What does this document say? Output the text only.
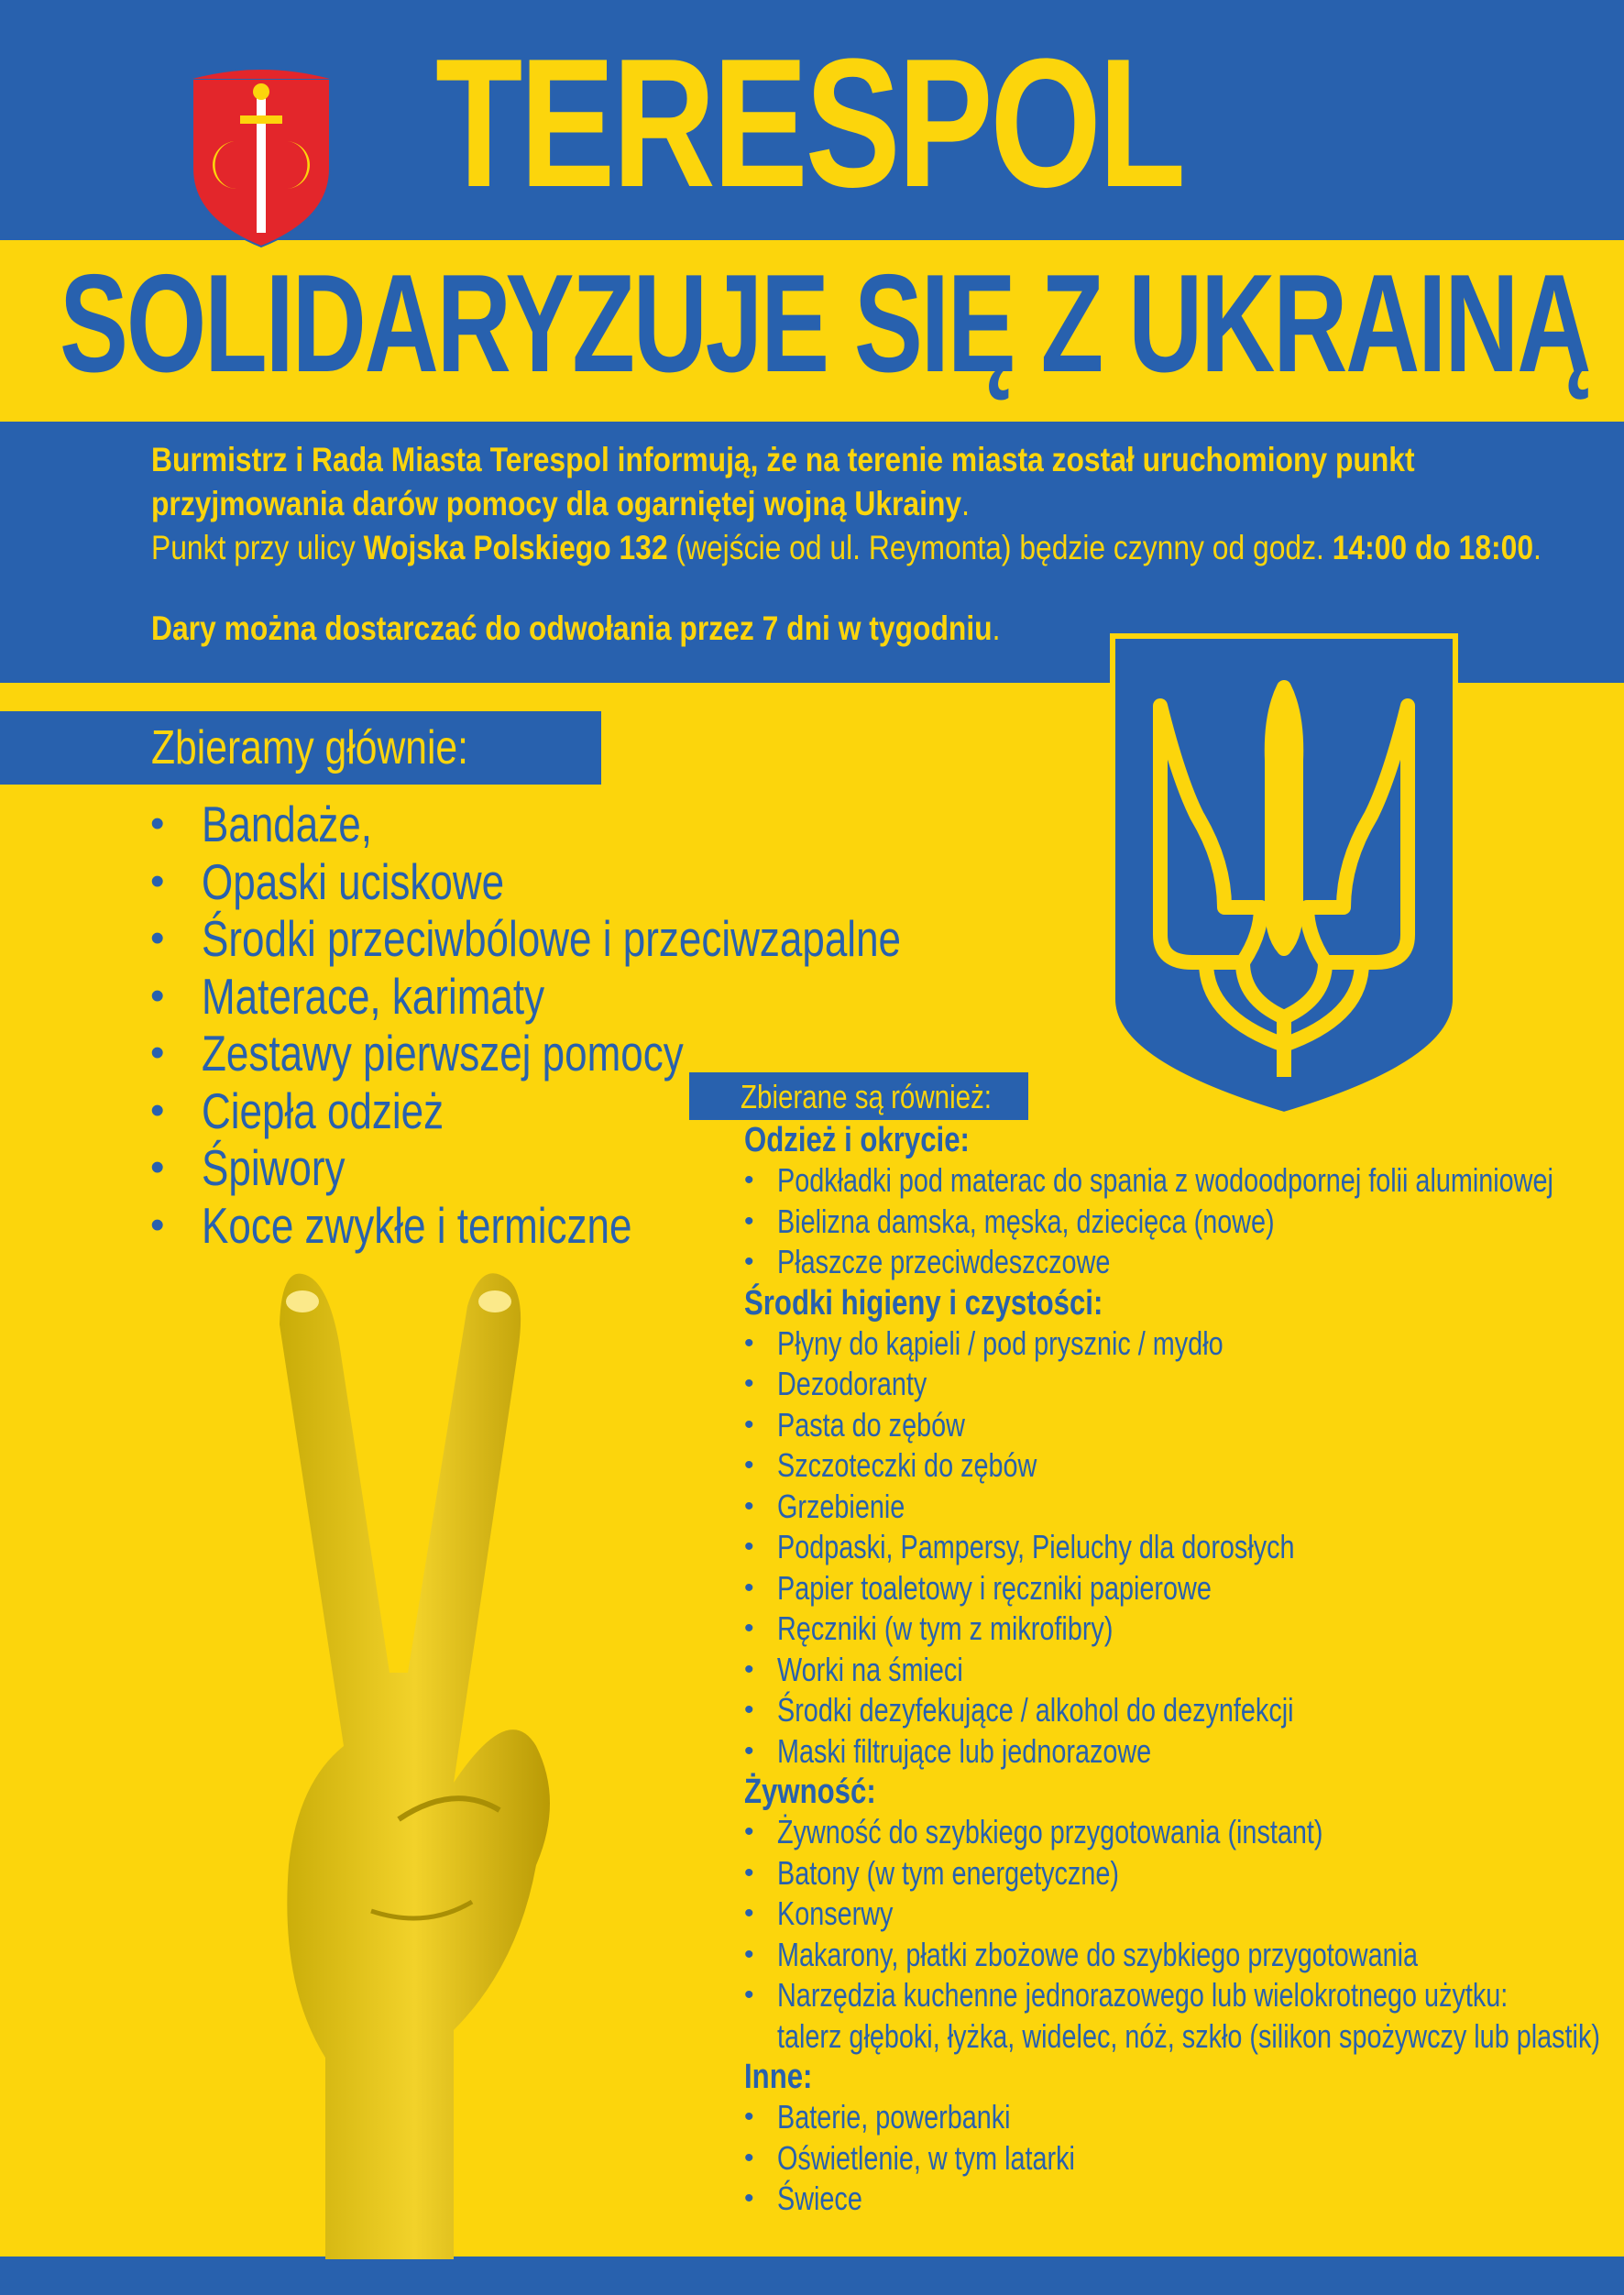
TERESPOL
SOLIDARYZUJE SIĘ Z UKRAINĄ

Burmistrz i Rada Miasta Terespol informują, że na terenie miasta został uruchomiony punkt

przyjmowania darów pomocy dla ogarniętej wojną Ukrainy.

Punkt przy ulicy Wojska Polskiego 132 (wejście od ul. Reymonta) będzie czynny od godz. 14:00 do 18:00.

Dary można dostarczać do odwołania przez 7 dni w tygodniu.

Zbieramy głównie:
• Bandaże,
• Opaski uciskowe
• Środki przeciwbólowe i przeciwzapalne
• Materace, karimaty
• Zestawy pierwszej pomocy
• Ciepła odzież
• Śpiwory
• Koce zwykłe i termiczne
Zbierane są również:
Odzież i okrycie:
• Podkładki pod materac do spania z wodoodpornej folii aluminiowej
• Bielizna damska, męska, dziecięca (nowe)
• Płaszcze przeciwdeszczowe
Środki higieny i czystości:
• Płyny do kąpieli / pod prysznic / mydło
• Dezodoranty
• Pasta do zębów
• Szczoteczki do zębów
• Grzebienie
• Podpaski, Pampersy, Pieluchy dla dorosłych
• Papier toaletowy i ręczniki papierowe
• Ręczniki (w tym z mikrofibry)
• Worki na śmieci
• Środki dezyfekujące / alkohol do dezynfekcji
• Maski filtrujące lub jednorazowe
Żywność:
• Żywność do szybkiego przygotowania (instant)
• Batony (w tym energetyczne)
• Konserwy
• Makarony, płatki zbożowe do szybkiego przygotowania
• Narzędzia kuchenne jednorazowego lub wielokrotnego użytku:
talerz głęboki, łyżka, widelec, nóż, szkło (silikon spożywczy lub plastik)
Inne:
• Baterie, powerbanki
• Oświetlenie, w tym latarki
• Świece
